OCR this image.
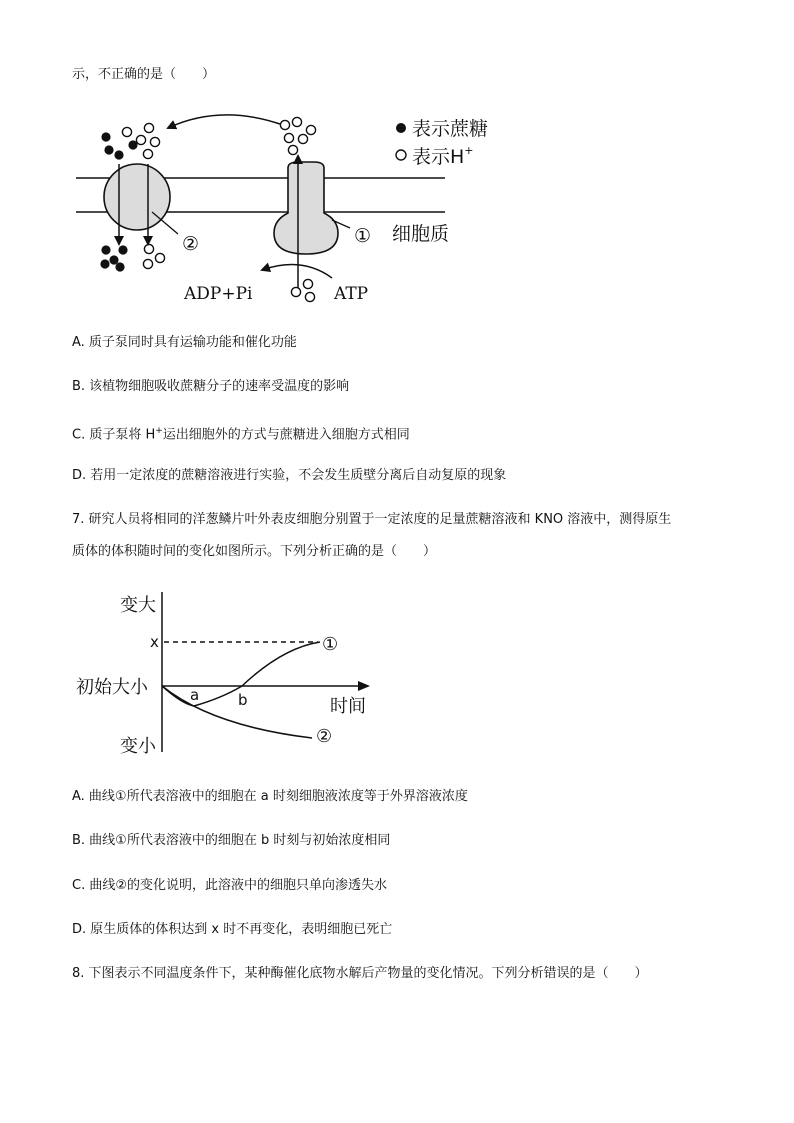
示，不正确的是（　　）
②	①
ADP+Pi	ATP
表示蔗糖
表示H+
细胞质
A. 质子泵同时具有运输功能和催化功能
B. 该植物细胞吸收蔗糖分子的速率受温度的影响
C. 质子泵将 H+运出细胞外的方式与蔗糖进入细胞方式相同
D. 若用一定浓度的蔗糖溶液进行实验，不会发生质壁分离后自动复原的现象
7. 研究人员将相同的洋葱鳞片叶外表皮细胞分别置于一定浓度的足量蔗糖溶液和 KNO 溶液中，测得原生
质体的体积随时间的变化如图所示。下列分析正确的是（　　）
变大
初始大小
变小
x
a	b
①
②
时间
A. 曲线①所代表溶液中的细胞在 a 时刻细胞液浓度等于外界溶液浓度
B. 曲线①所代表溶液中的细胞在 b 时刻与初始浓度相同
C. 曲线②的变化说明，此溶液中的细胞只单向渗透失水
D. 原生质体的体积达到 x 时不再变化，表明细胞已死亡
8. 下图表示不同温度条件下，某种酶催化底物水解后产物量的变化情况。下列分析错误的是（　　）
